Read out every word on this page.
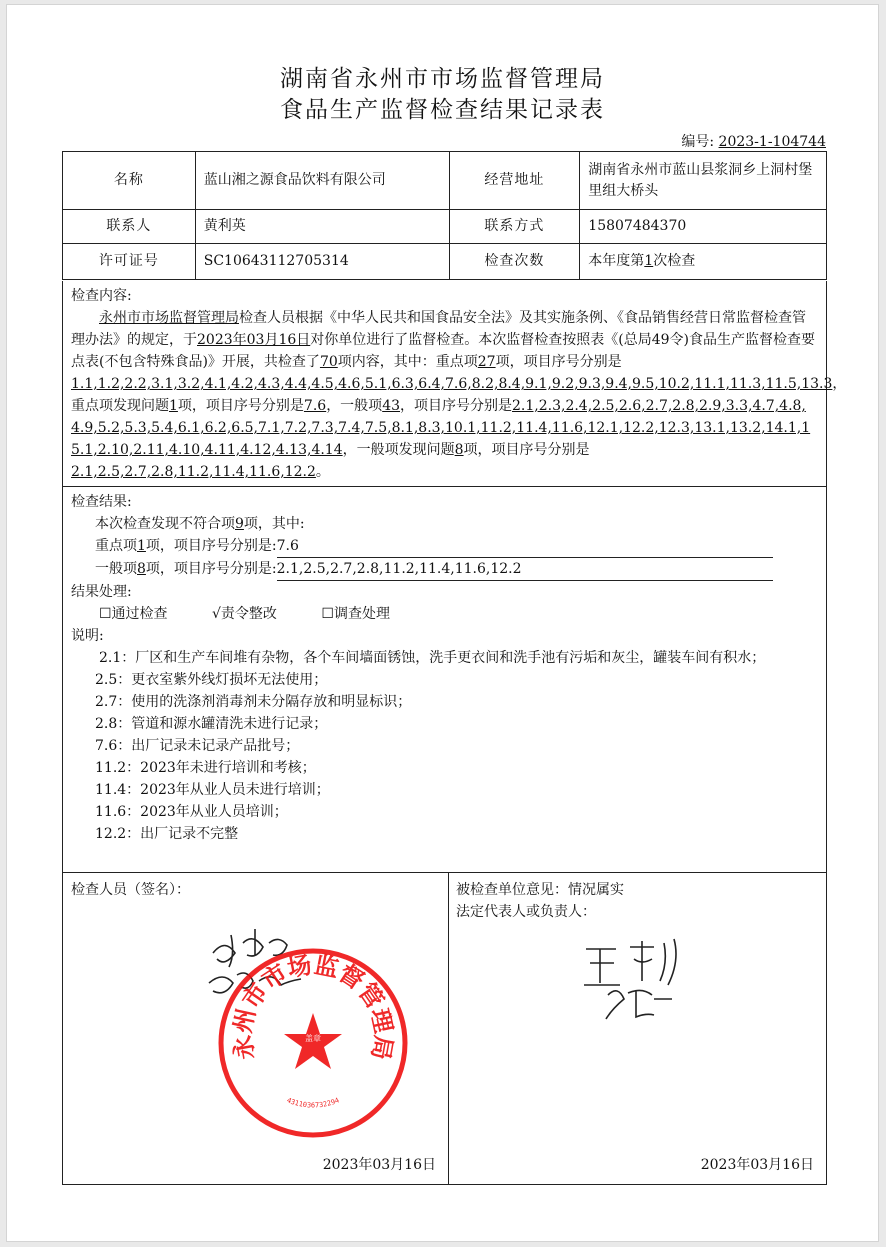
湖南省永州市市场监督管理局
食品生产监督检查结果记录表
编号: 2023-1-104744
名称	蓝山湘之源食品饮料有限公司	经营地址	湖南省永州市蓝山县浆洞乡上洞村堡里组大桥头
联系人	黄利英	联系方式	15807484370
许可证号	SC10643112705314	检查次数	本年度第1次检查
检查内容:
永州市市场监督管理局检查人员根据《中华人民共和国食品安全法》及其实施条例、《食品销售经营日常监督检查管理办法》的规定，于2023年03月16日对你单位进行了监督检查。本次监督检查按照表《(总局49令)食品生产监督检查要点表(不包含特殊食品)》开展，共检查了70项内容，其中：重点项27项，项目序号分别是1.1,1.2,2.2,3.1,3.2,4.1,4.2,4.3,4.4,4.5,4.6,5.1,6.3,6.4,7.6,8.2,8.4,9.1,9.2,9.3,9.4,9.5,10.2,11.1,11.3,11.5,13.3，重点项发现问题1项，项目序号分别是7.6，一般项43，项目序号分别是2.1,2.3,2.4,2.5,2.6,2.7,2.8,2.9,3.3,4.7,4.8,4.9,5.2,5.3,5.4,6.1,6.2,6.5,7.1,7.2,7.3,7.4,7.5,8.1,8.3,10.1,11.2,11.4,11.6,12.1,12.2,12.3,13.1,13.2,14.1,15.1,2.10,2.11,4.10,4.11,4.12,4.13,4.14，一般项发现问题8项，项目序号分别是2.1,2.5,2.7,2.8,11.2,11.4,11.6,12.2。
检查结果:
本次检查发现不符合项9项，其中:
重点项1项，项目序号分别是:7.6
一般项8项，项目序号分别是:2.1,2.5,2.7,2.8,11.2,11.4,11.6,12.2
结果处理:
☐通过检查	√责令整改	☐调查处理
说明:
2.1：厂区和生产车间堆有杂物，各个车间墙面锈蚀，洗手更衣间和洗手池有污垢和灰尘，罐装车间有积水；
2.5：更衣室紫外线灯损坏无法使用；
2.7：使用的洗涤剂消毒剂未分隔存放和明显标识；
2.8：管道和源水罐清洗未进行记录；
7.6：出厂记录未记录产品批号；
11.2：2023年未进行培训和考核；
11.4：2023年从业人员未进行培训；
11.6：2023年从业人员培训；
12.2：出厂记录不完整
检查人员（签名）：
永州市市场监督管理局
盖章
4311036732294
2023年03月16日
被检查单位意见：情况属实
法定代表人或负责人：
2023年03月16日
